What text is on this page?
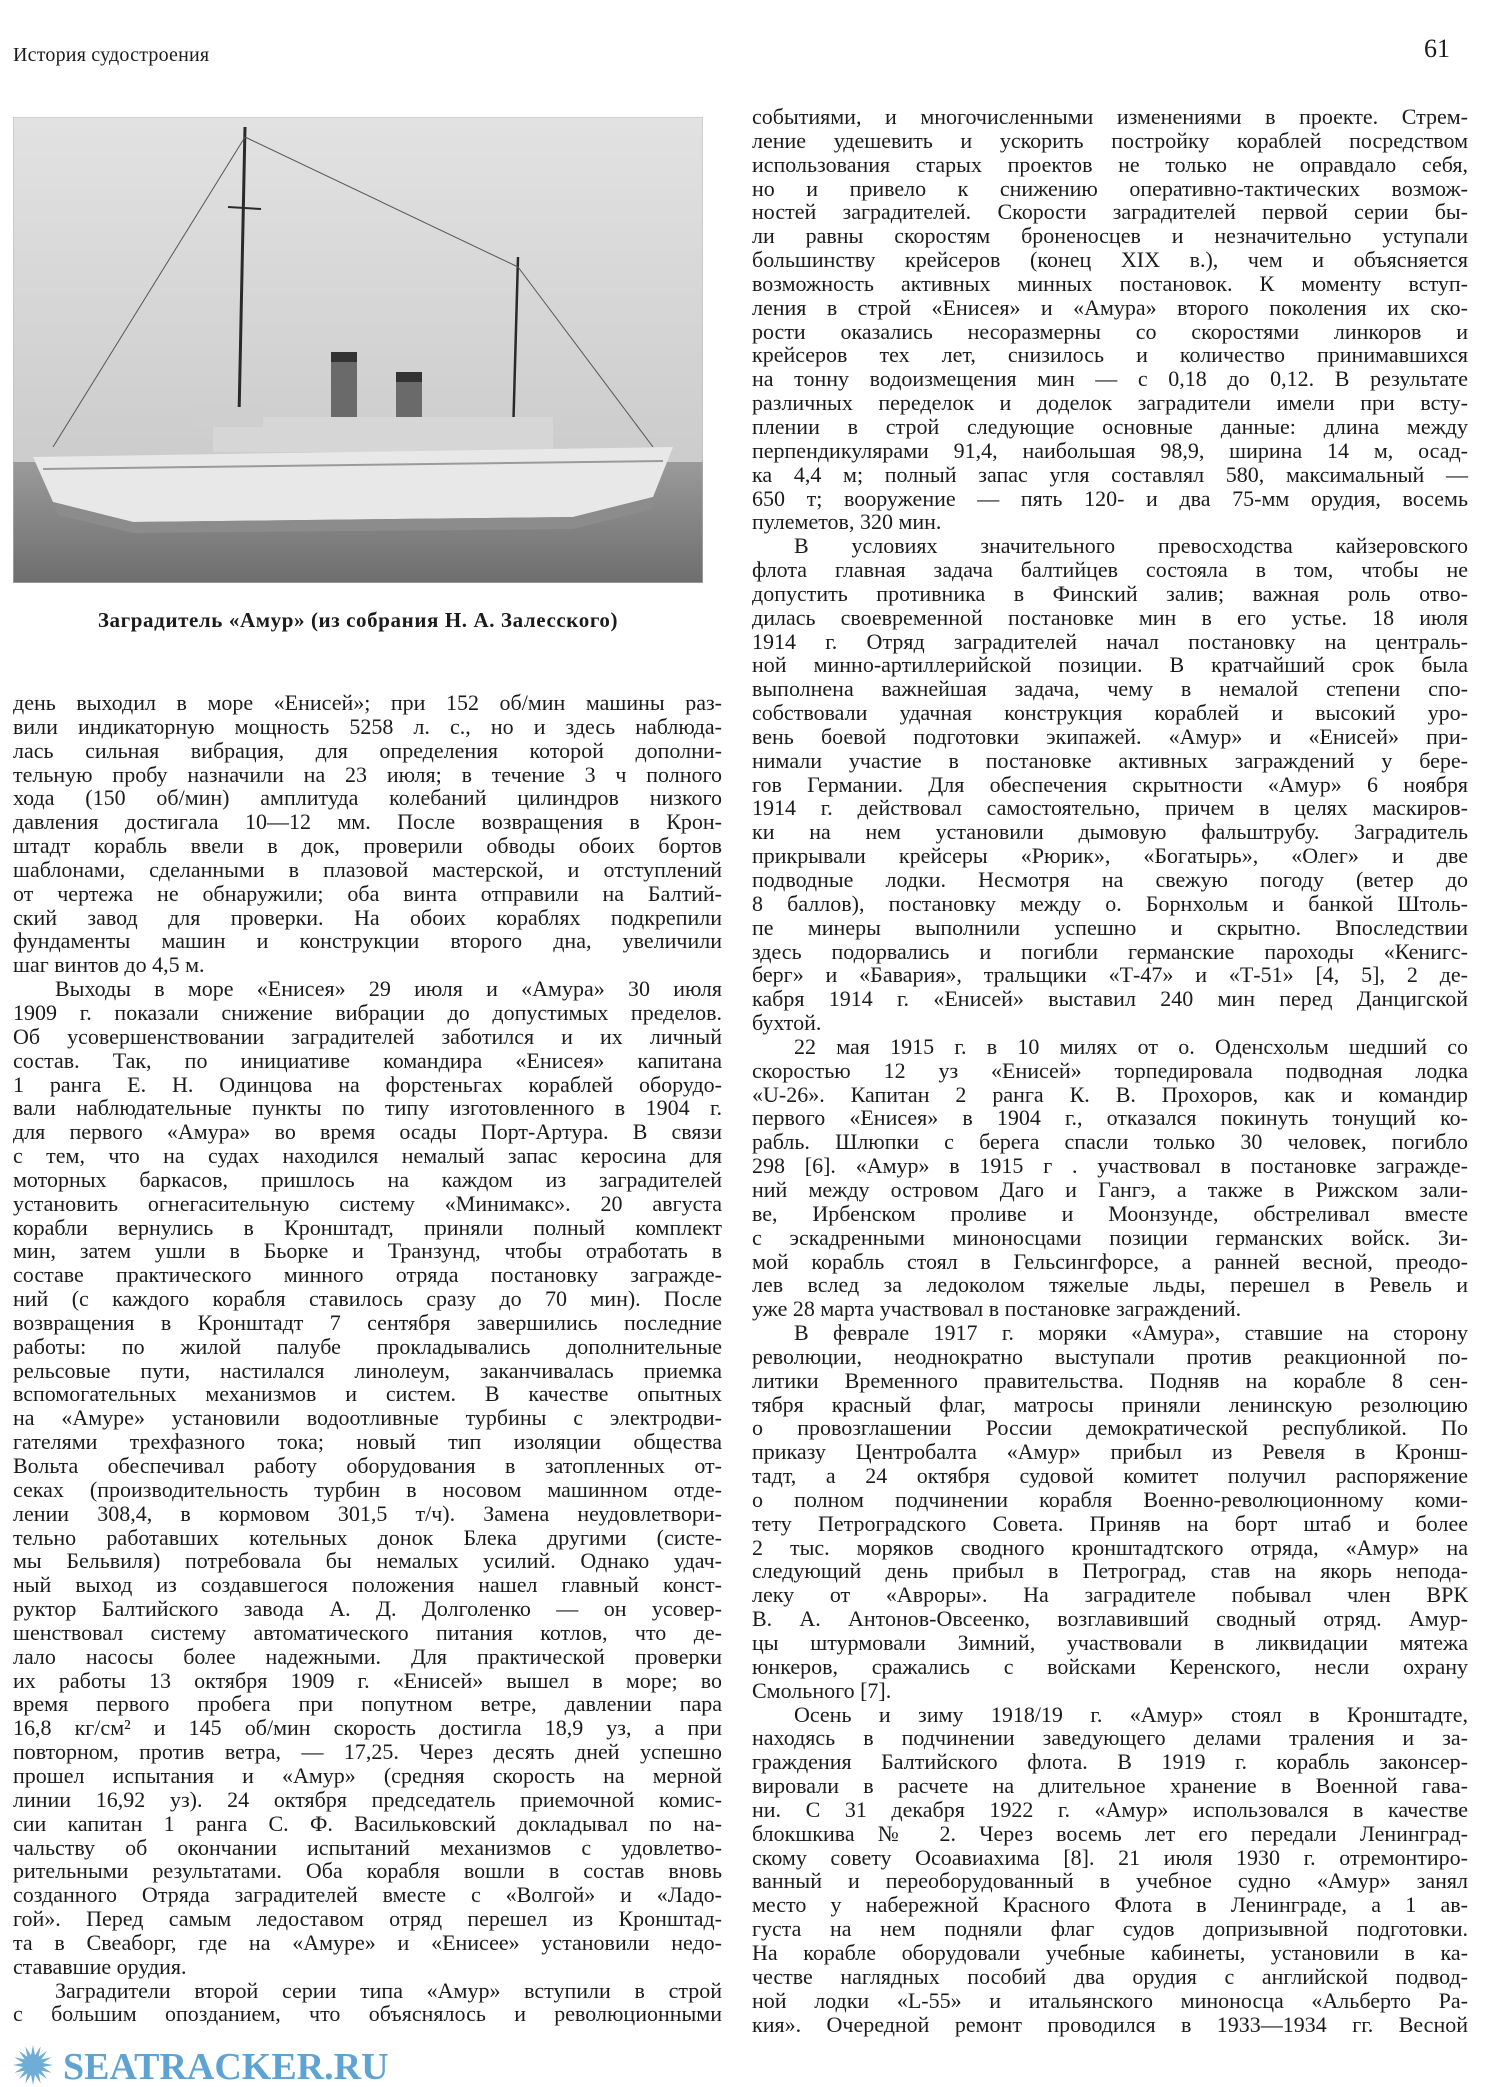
История судостроения	61
Заградитель «Амур» (из собрания Н. А. Залесского)
день выходил в море «Енисей»; при 152 об/мин машины раз-
вили индикаторную мощность 5258 л. с., но и здесь наблюда-
лась сильная вибрация, для определения которой дополни-
тельную пробу назначили на 23 июля; в течение 3 ч полного
хода (150 об/мин) амплитуда колебаний цилиндров низкого
давления достигала 10—12 мм. После возвращения в Крон-
штадт корабль ввели в док, проверили обводы обоих бортов
шаблонами, сделанными в плазовой мастерской, и отступлений
от чертежа не обнаружили; оба винта отправили на Балтий-
ский завод для проверки. На обоих кораблях подкрепили
фундаменты машин и конструкции второго дна, увеличили
шаг винтов до 4,5 м.
Выходы в море «Енисея» 29 июля и «Амура» 30 июля
1909 г. показали снижение вибрации до допустимых пределов.
Об усовершенствовании заградителей заботился и их личный
состав. Так, по инициативе командира «Енисея» капитана
1 ранга Е. Н. Одинцова на форстеньгах кораблей оборудо-
вали наблюдательные пункты по типу изготовленного в 1904 г.
для первого «Амура» во время осады Порт-Артура. В связи
с тем, что на судах находился немалый запас керосина для
моторных баркасов, пришлось на каждом из заградителей
установить огнегасительную систему «Минимакс». 20 августа
корабли вернулись в Кронштадт, приняли полный комплект
мин, затем ушли в Бьорке и Транзунд, чтобы отработать в
составе практического минного отряда постановку загражде-
ний (с каждого корабля ставилось сразу до 70 мин). После
возвращения в Кронштадт 7 сентября завершились последние
работы: по жилой палубе прокладывались дополнительные
рельсовые пути, настилался линолеум, заканчивалась приемка
вспомогательных механизмов и систем. В качестве опытных
на «Амуре» установили водоотливные турбины с электродви-
гателями трехфазного тока; новый тип изоляции общества
Вольта обеспечивал работу оборудования в затопленных от-
секах (производительность турбин в носовом машинном отде-
лении 308,4, в кормовом 301,5 т/ч). Замена неудовлетвори-
тельно работавших котельных донок Блека другими (систе-
мы Бельвиля) потребовала бы немалых усилий. Однако удач-
ный выход из создавшегося положения нашел главный конст-
руктор Балтийского завода А. Д. Долголенко — он усовер-
шенствовал систему автоматического питания котлов, что де-
лало насосы более надежными. Для практической проверки
их работы 13 октября 1909 г. «Енисей» вышел в море; во
время первого пробега при попутном ветре, давлении пара
16,8 кг/см² и 145 об/мин скорость достигла 18,9 уз, а при
повторном, против ветра, — 17,25. Через десять дней успешно
прошел испытания и «Амур» (средняя скорость на мерной
линии 16,92 уз). 24 октября председатель приемочной комис-
сии капитан 1 ранга С. Ф. Васильковский докладывал по на-
чальству об окончании испытаний механизмов с удовлетво-
рительными результатами. Оба корабля вошли в состав вновь
созданного Отряда заградителей вместе с «Волгой» и «Ладо-
гой». Перед самым ледоставом отряд перешел из Кронштад-
та в Свеаборг, где на «Амуре» и «Енисее» установили недо-
стававшие орудия.
Заградители второй серии типа «Амур» вступили в строй
с большим опозданием, что объяснялось и революционными
событиями, и многочисленными изменениями в проекте. Стрем-
ление удешевить и ускорить постройку кораблей посредством
использования старых проектов не только не оправдало себя,
но и привело к снижению оперативно-тактических возмож-
ностей заградителей. Скорости заградителей первой серии бы-
ли равны скоростям броненосцев и незначительно уступали
большинству крейсеров (конец XIX в.), чем и объясняется
возможность активных минных постановок. К моменту вступ-
ления в строй «Енисея» и «Амура» второго поколения их ско-
рости оказались несоразмерны со скоростями линкоров и
крейсеров тех лет, снизилось и количество принимавшихся
на тонну водоизмещения мин — с 0,18 до 0,12. В результате
различных переделок и доделок заградители имели при всту-
плении в строй следующие основные данные: длина между
перпендикулярами 91,4, наибольшая 98,9, ширина 14 м, осад-
ка 4,4 м; полный запас угля составлял 580, максимальный —
650 т; вооружение — пять 120- и два 75-мм орудия, восемь
пулеметов, 320 мин.
В условиях значительного превосходства кайзеровского
флота главная задача балтийцев состояла в том, чтобы не
допустить противника в Финский залив; важная роль отво-
дилась своевременной постановке мин в его устье. 18 июля
1914 г. Отряд заградителей начал постановку на централь-
ной минно-артиллерийской позиции. В кратчайший срок была
выполнена важнейшая задача, чему в немалой степени спо-
собствовали удачная конструкция кораблей и высокий уро-
вень боевой подготовки экипажей. «Амур» и «Енисей» при-
нимали участие в постановке активных заграждений у бере-
гов Германии. Для обеспечения скрытности «Амур» 6 ноября
1914 г. действовал самостоятельно, причем в целях маскиров-
ки на нем установили дымовую фальштрубу. Заградитель
прикрывали крейсеры «Рюрик», «Богатырь», «Олег» и две
подводные лодки. Несмотря на свежую погоду (ветер до
8 баллов), постановку между о. Борнхольм и банкой Штоль-
пе минеры выполнили успешно и скрытно. Впоследствии
здесь подорвались и погибли германские пароходы «Кенигс-
берг» и «Бавария», тральщики «Т-47» и «Т-51» [4, 5], 2 де-
кабря 1914 г. «Енисей» выставил 240 мин перед Данцигской
бухтой.
22 мая 1915 г. в 10 милях от о. Оденсхольм шедший со
скоростью 12 уз «Енисей» торпедировала подводная лодка
«U-26». Капитан 2 ранга К. В. Прохоров, как и командир
первого «Енисея» в 1904 г., отказался покинуть тонущий ко-
рабль. Шлюпки с берега спасли только 30 человек, погибло
298 [6]. «Амур» в 1915 г . участвовал в постановке загражде-
ний между островом Даго и Гангэ, а также в Рижском зали-
ве, Ирбенском проливе и Моонзунде, обстреливал вместе
с эскадренными миноносцами позиции германских войск. Зи-
мой корабль стоял в Гельсингфорсе, а ранней весной, преодо-
лев вслед за ледоколом тяжелые льды, перешел в Ревель и
уже 28 марта участвовал в постановке заграждений.
В феврале 1917 г. моряки «Амура», ставшие на сторону
революции, неоднократно выступали против реакционной по-
литики Временного правительства. Подняв на корабле 8 сен-
тября красный флаг, матросы приняли ленинскую резолюцию
о провозглашении России демократической республикой. По
приказу Центробалта «Амур» прибыл из Ревеля в Кронш-
тадт, а 24 октября судовой комитет получил распоряжение
о полном подчинении корабля Военно-революционному коми-
тету Петроградского Совета. Приняв на борт штаб и более
2 тыс. моряков сводного кронштадтского отряда, «Амур» на
следующий день прибыл в Петроград, став на якорь непода-
леку от «Авроры». На заградителе побывал член ВРК
В. А. Антонов-Овсеенко, возглавивший сводный отряд. Амур-
цы штурмовали Зимний, участвовали в ликвидации мятежа
юнкеров, сражались с войсками Керенского, несли охрану
Смольного [7].
Осень и зиму 1918/19 г. «Амур» стоял в Кронштадте,
находясь в подчинении заведующего делами траления и за-
граждения Балтийского флота. В 1919 г. корабль законсер-
вировали в расчете на длительное хранение в Военной гава-
ни. С 31 декабря 1922 г. «Амур» использовался в качестве
блокшкива № 2. Через восемь лет его передали Ленинград-
скому совету Осоавиахима [8]. 21 июля 1930 г. отремонтиро-
ванный и переоборудованный в учебное судно «Амур» занял
место у набережной Красного Флота в Ленинграде, а 1 ав-
густа на нем подняли флаг судов допризывной подготовки.
На корабле оборудовали учебные кабинеты, установили в ка-
честве наглядных пособий два орудия с английской подвод-
ной лодки «L-55» и итальянского миноносца «Альберто Ра-
кия». Очередной ремонт проводился в 1933—1934 гг. Весной
SEATRACKER.RU
